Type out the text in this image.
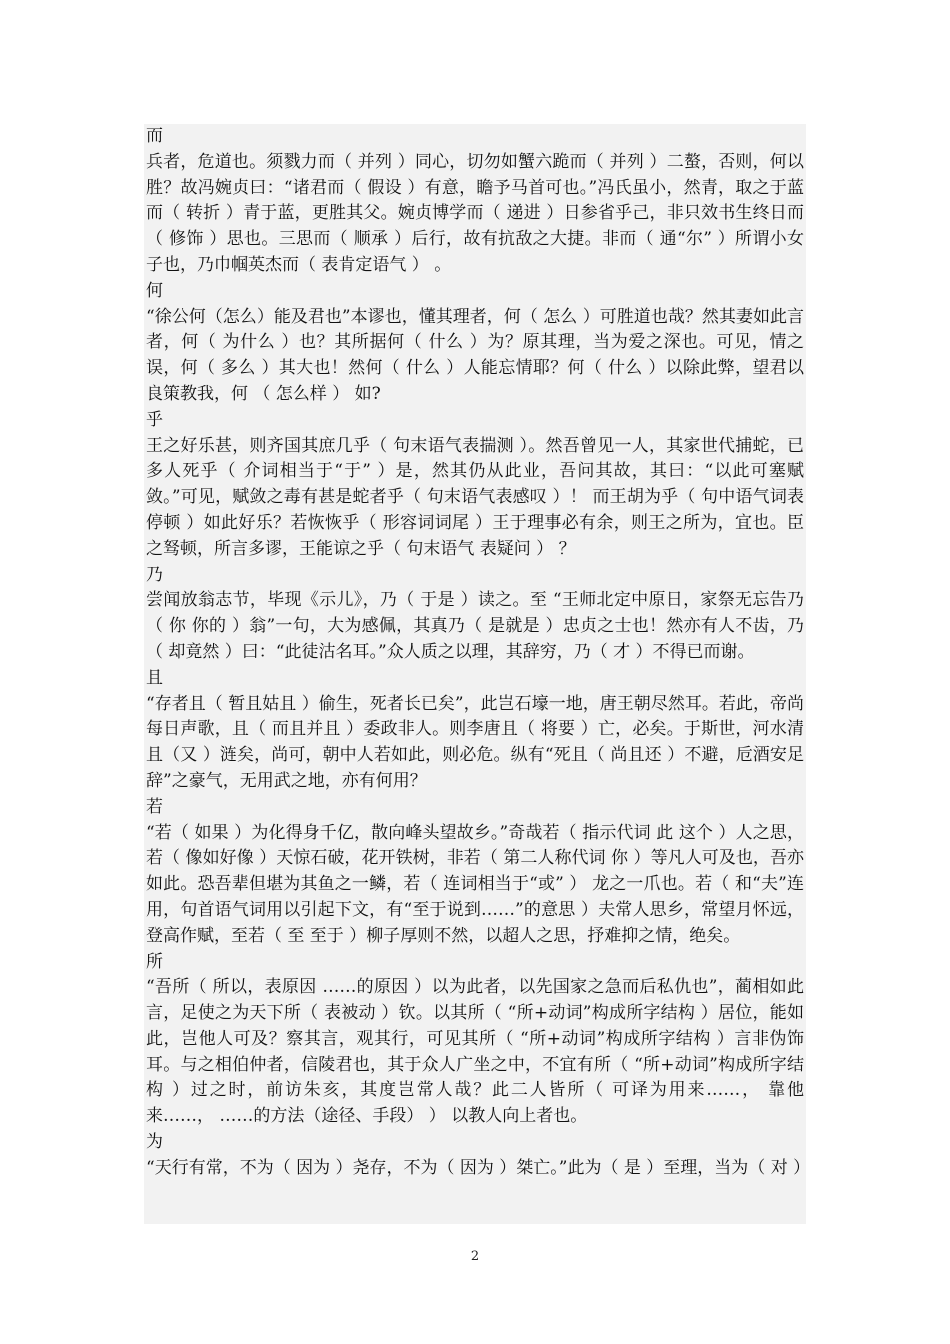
而

兵者，危道也。须戮力而（ 并列 ）同心，切勿如蟹六跪而（ 并列 ）二螯，否则，何以胜？故冯婉贞曰：“诸君而（ 假设 ）有意，瞻予马首可也。”冯氏虽小，然青，取之于蓝而（ 转折 ）青于蓝，更胜其父。婉贞博学而（ 递进 ）日参省乎己，非只效书生终日而（ 修饰 ）思也。三思而（ 顺承 ）后行，故有抗敌之大捷。非而（ 通“尔” ）所谓小女子也，乃巾帼英杰而（ 表肯定语气 ） 。

何

“徐公何（怎么）能及君也”本谬也，懂其理者，何（ 怎么 ）可胜道也哉？然其妻如此言者，何（ 为什么 ）也？其所据何（ 什么 ）为？原其理，当为爱之深也。可见，情之误，何（ 多么 ）其大也！然何（ 什么 ）人能忘情耶？何（ 什么 ）以除此弊，望君以良策教我，何 （ 怎么样 ） 如?

乎

王之好乐甚，则齐国其庶几乎（ 句末语气表揣测 ）。然吾曾见一人，其家世代捕蛇，已多人死乎（ 介词相当于“于” ）是，然其仍从此业，吾问其故，其曰：“以此可塞赋敛。”可见，赋敛之毒有甚是蛇者乎（ 句末语气表感叹 ）！ 而王胡为乎（ 句中语气词表停顿 ）如此好乐？若恢恢乎（ 形容词词尾 ）王于理事必有余，则王之所为，宜也。臣之驽顿，所言多谬，王能谅之乎（ 句末语气 表疑问 ） ？

乃

尝闻放翁志节，毕现《示儿》，乃（ 于是 ）读之。至 “王师北定中原日，家祭无忘告乃（ 你 你的 ）翁”一句，大为感佩，其真乃（ 是就是 ）忠贞之士也！然亦有人不齿，乃（ 却竟然 ）曰：“此徒沽名耳。”众人质之以理，其辞穷，乃（ 才 ）不得已而谢。

且

“存者且（ 暂且姑且 ）偷生，死者长已矣”，此岂石壕一地，唐王朝尽然耳。若此，帝尚每日声歌，且（ 而且并且 ）委政非人。则李唐且（ 将要 ）亡，必矣。于斯世，河水清且（又 ）涟矣，尚可，朝中人若如此，则必危。纵有“死且（ 尚且还 ）不避，卮酒安足辞”之豪气，无用武之地，亦有何用？

若

“若（ 如果 ）为化得身千亿，散向峰头望故乡。”奇哉若（ 指示代词 此 这个 ）人之思，若（ 像如好像 ）天惊石破，花开铁树，非若（ 第二人称代词 你 ）等凡人可及也，吾亦如此。恐吾辈但堪为其鱼之一鳞，若（ 连词相当于“或” ） 龙之一爪也。若（ 和“夫”连用，句首语气词用以引起下文，有“至于说到……”的意思 ）夫常人思乡，常望月怀远，登高作赋，至若（ 至 至于 ）柳子厚则不然，以超人之思，抒难抑之情，绝矣。

所

“吾所（ 所以，表原因 ……的原因 ）以为此者，以先国家之急而后私仇也”，蔺相如此言，足使之为天下所（ 表被动 ）钦。以其所（ “所+动词”构成所字结构 ）居位，能如此，岂他人可及？察其言，观其行，可见其所（ “所+动词”构成所字结构 ）言非伪饰耳。与之相伯仲者，信陵君也，其于众人广坐之中，不宜有所（ “所+动词”构成所字结构 ）过之时，前访朱亥，其度岂常人哉？此二人皆所（ 可译为用来……， 靠他来……， ……的方法（途径、手段） ） 以教人向上者也。

为

“天行有常，不为（ 因为 ）尧存，不为（ 因为 ）桀亡。”此为（ 是 ）至理，当为（ 对 ）

2
